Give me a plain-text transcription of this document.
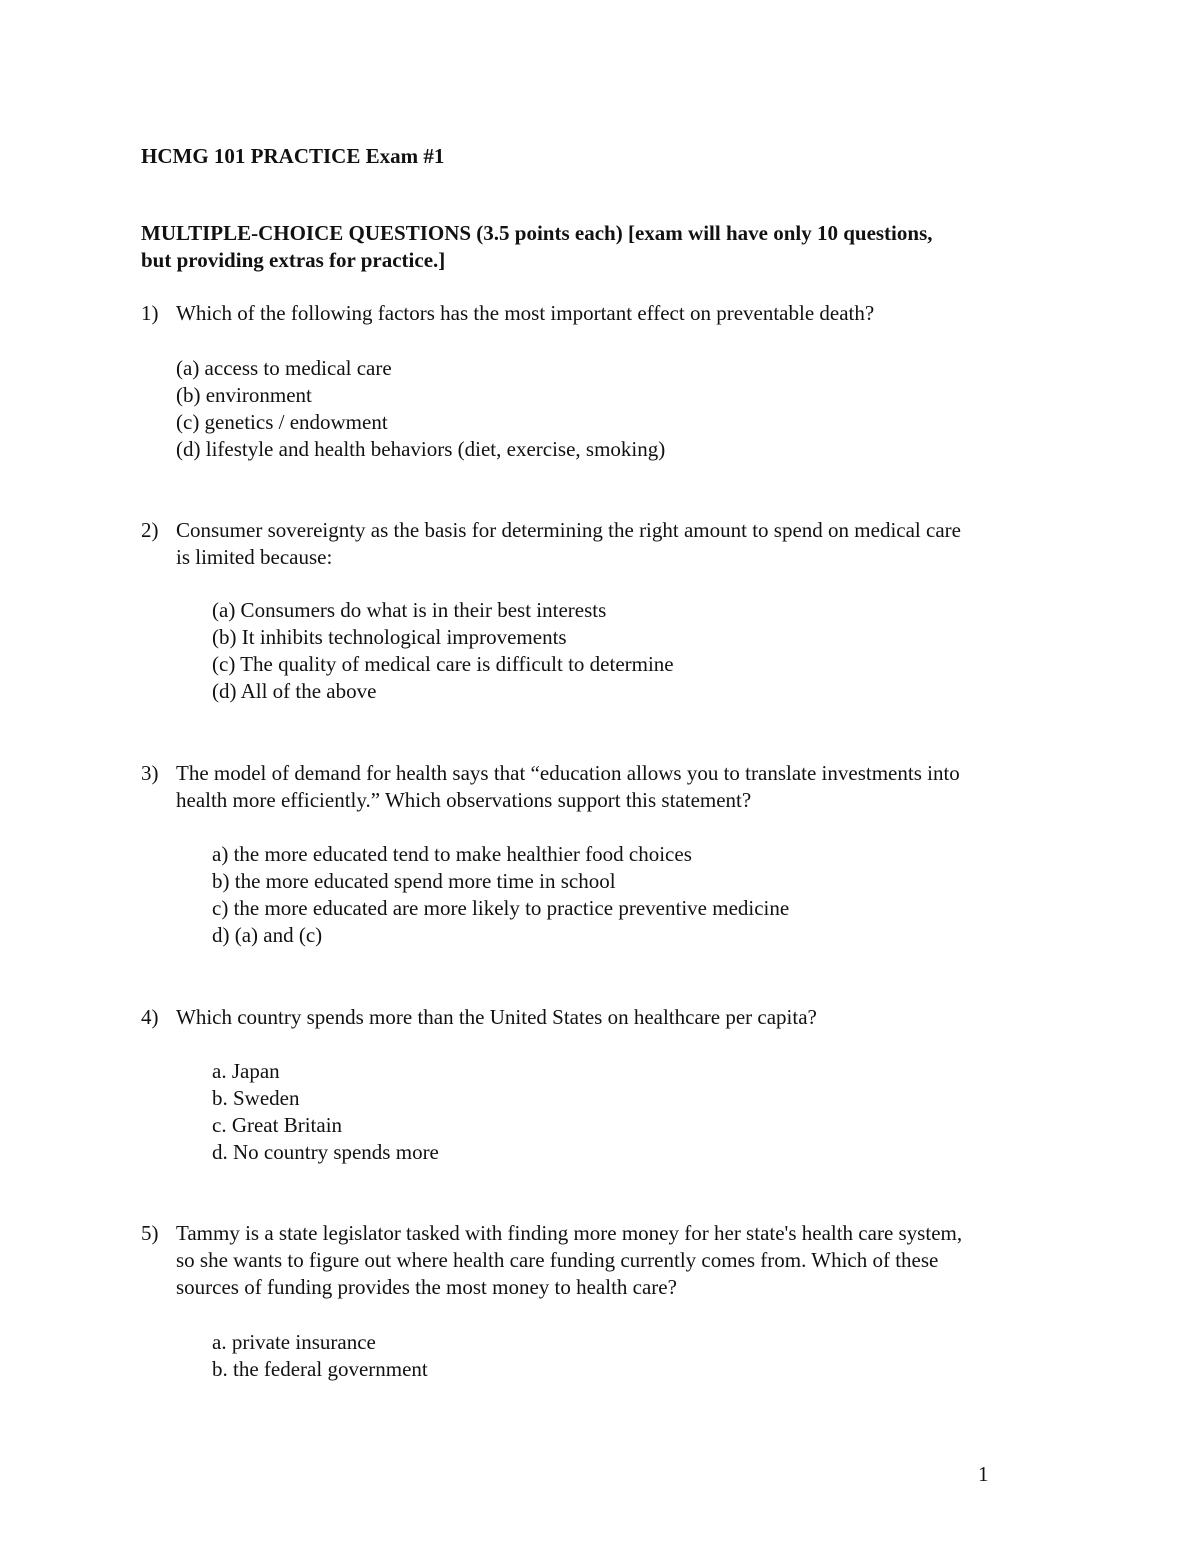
HCMG 101 PRACTICE Exam #1
MULTIPLE-CHOICE QUESTIONS (3.5 points each) [exam will have only 10 questions,
but providing extras for practice.]
1) Which of the following factors has the most important effect on preventable death?
(a) access to medical care
(b) environment
(c) genetics / endowment
(d) lifestyle and health behaviors (diet, exercise, smoking)
2) Consumer sovereignty as the basis for determining the right amount to spend on medical care
is limited because:
(a) Consumers do what is in their best interests
(b) It inhibits technological improvements
(c) The quality of medical care is difficult to determine
(d) All of the above
3) The model of demand for health says that “education allows you to translate investments into
health more efficiently.” Which observations support this statement?
a) the more educated tend to make healthier food choices
b) the more educated spend more time in school
c) the more educated are more likely to practice preventive medicine
d) (a) and (c)
4) Which country spends more than the United States on healthcare per capita?
a. Japan
b. Sweden
c. Great Britain
d. No country spends more
5) Tammy is a state legislator tasked with finding more money for her state's health care system,
so she wants to figure out where health care funding currently comes from. Which of these
sources of funding provides the most money to health care?
a. private insurance
b. the federal government
1
